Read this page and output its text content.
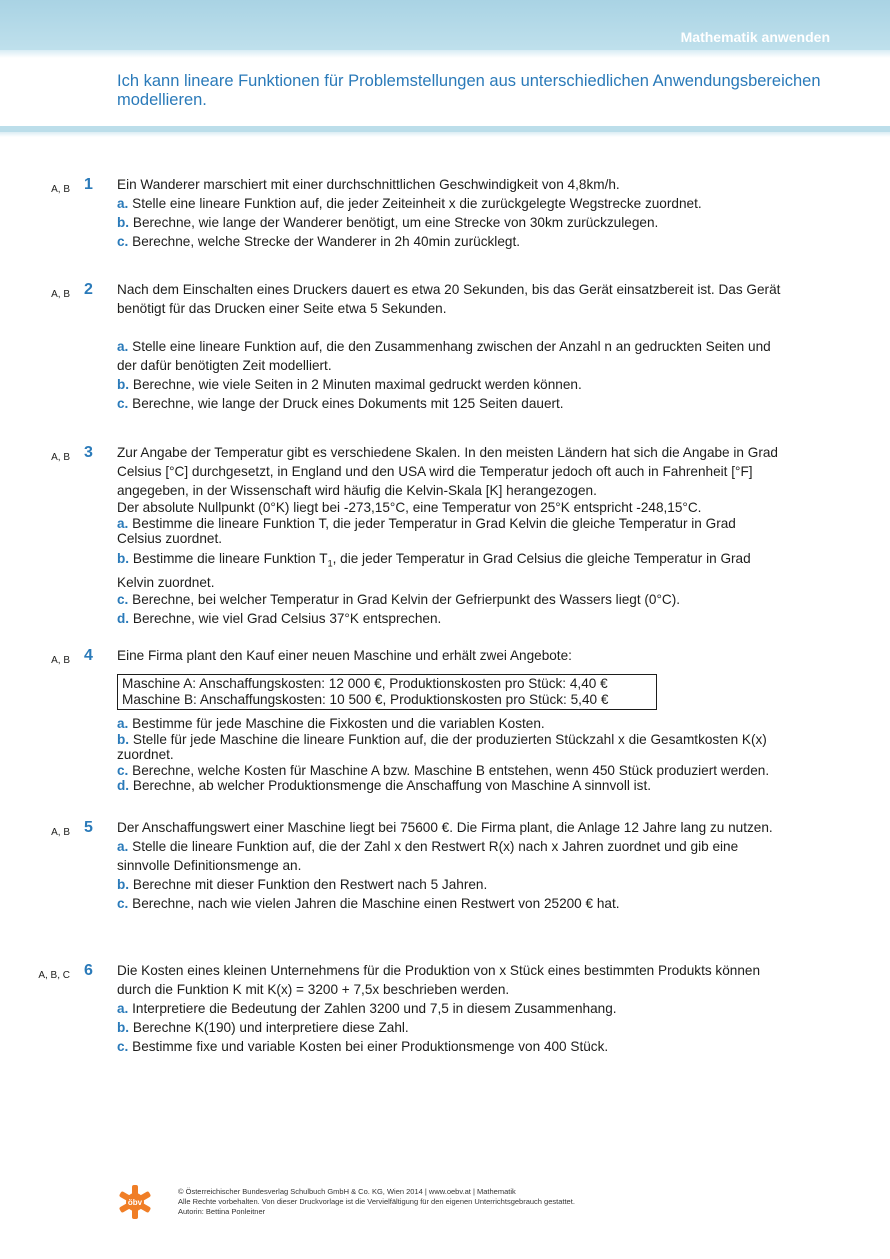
Mathematik anwenden
Ich kann lineare Funktionen für Problemstellungen aus unterschiedlichen Anwendungsbereichen modellieren.
A, B 1 Ein Wanderer marschiert mit einer durchschnittlichen Geschwindigkeit von 4,8km/h.

a. Stelle eine lineare Funktion auf, die jeder Zeiteinheit x die zurückgelegte Wegstrecke zuordnet.

b. Berechne, wie lange der Wanderer benötigt, um eine Strecke von 30km zurückzulegen.

c. Berechne, welche Strecke der Wanderer in 2h 40min zurücklegt.

A, B 2 Nach dem Einschalten eines Druckers dauert es etwa 20 Sekunden, bis das Gerät einsatzbereit ist. Das Gerät benötigt für das Drucken einer Seite etwa 5 Sekunden.

a. Stelle eine lineare Funktion auf, die den Zusammenhang zwischen der Anzahl n an gedruckten Seiten und der dafür benötigten Zeit modelliert.

b. Berechne, wie viele Seiten in 2 Minuten maximal gedruckt werden können.

c. Berechne, wie lange der Druck eines Dokuments mit 125 Seiten dauert.

A, B 3 Zur Angabe der Temperatur gibt es verschiedene Skalen. In den meisten Ländern hat sich die Angabe in Grad Celsius [°C] durchgesetzt, in England und den USA wird die Temperatur jedoch oft auch in Fahrenheit [°F] angegeben, in der Wissenschaft wird häufig die Kelvin-Skala [K] herangezogen.

Der absolute Nullpunkt (0°K) liegt bei -273,15°C, eine Temperatur von 25°K entspricht -248,15°C.

a. Bestimme die lineare Funktion T, die jeder Temperatur in Grad Kelvin die gleiche Temperatur in Grad Celsius zuordnet.

b. Bestimme die lineare Funktion $T_1$, die jeder Temperatur in Grad Celsius die gleiche Temperatur in Grad Kelvin zuordnet.

c. Berechne, bei welcher Temperatur in Grad Kelvin der Gefrierpunkt des Wassers liegt (0°C).

d. Berechne, wie viel Grad Celsius 37°K entsprechen.

A, B 4 Eine Firma plant den Kauf einer neuen Maschine und erhält zwei Angebote:

Maschine A: Anschaffungskosten: 12 000 €, Produktionskosten pro Stück: 4,40 €
Maschine B: Anschaffungskosten: 10 500 €, Produktionskosten pro Stück: 5,40 €

a. Bestimme für jede Maschine die Fixkosten und die variablen Kosten.

b. Stelle für jede Maschine die lineare Funktion auf, die der produzierten Stückzahl x die Gesamtkosten K(x) zuordnet.

c. Berechne, welche Kosten für Maschine A bzw. Maschine B entstehen, wenn 450 Stück produziert werden.

d. Berechne, ab welcher Produktionsmenge die Anschaffung von Maschine A sinnvoll ist.

A, B 5 Der Anschaffungswert einer Maschine liegt bei 75600 €. Die Firma plant, die Anlage 12 Jahre lang zu nutzen.

a. Stelle die lineare Funktion auf, die der Zahl x den Restwert R(x) nach x Jahren zuordnet und gib eine sinnvolle Definitionsmenge an.

b. Berechne mit dieser Funktion den Restwert nach 5 Jahren.

c. Berechne, nach wie vielen Jahren die Maschine einen Restwert von 25200 € hat.

A, B, C 6 Die Kosten eines kleinen Unternehmens für die Produktion von x Stück eines bestimmten Produkts können durch die Funktion K mit K(x) = 3200 + 7,5x beschrieben werden.

a. Interpretiere die Bedeutung der Zahlen 3200 und 7,5 in diesem Zusammenhang.

b. Berechne K(190) und interpretiere diese Zahl.

c. Bestimme fixe und variable Kosten bei einer Produktionsmenge von 400 Stück.

öbv
© Österreichischer Bundesverlag Schulbuch GmbH & Co. KG, Wien 2014 | www.oebv.at | Mathematik
Alle Rechte vorbehalten. Von dieser Druckvorlage ist die Vervielfältigung für den eigenen Unterrichtsgebrauch gestattet.
Autorin: Bettina Ponleitner
